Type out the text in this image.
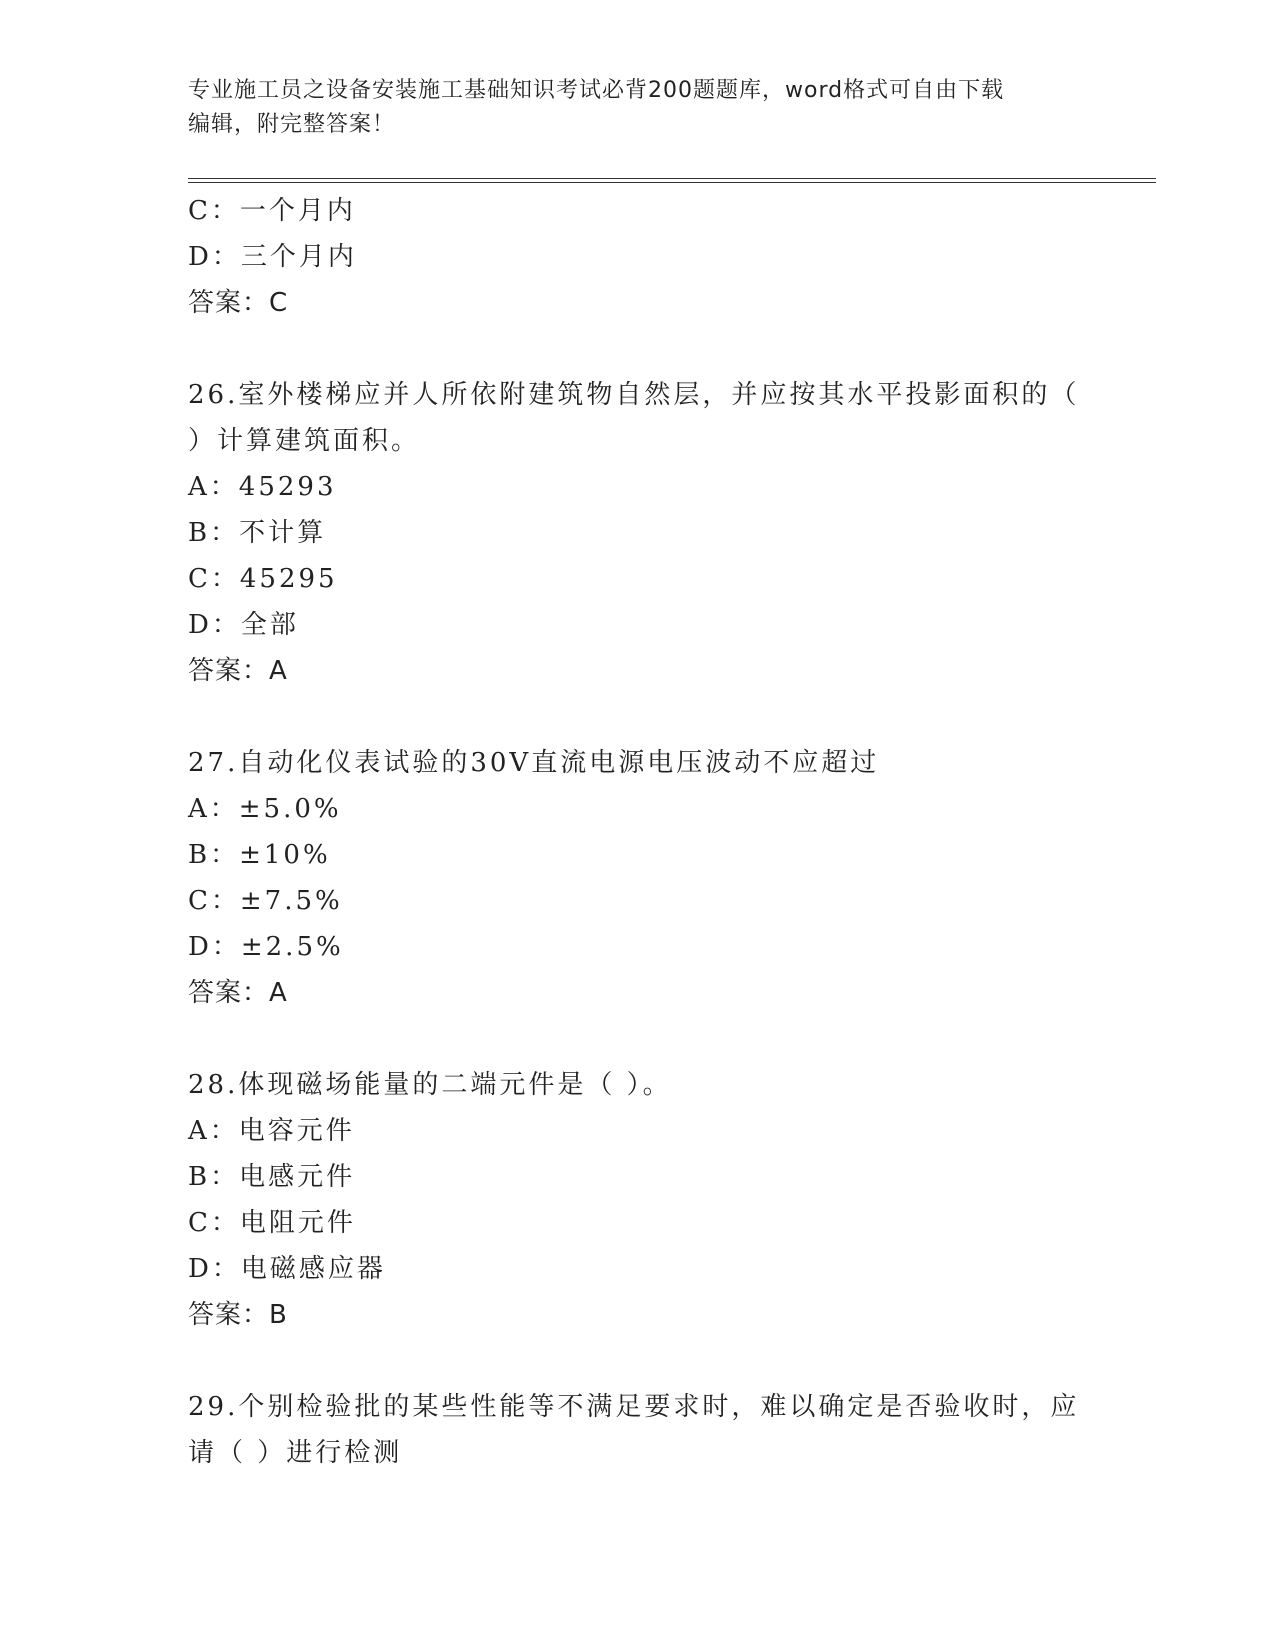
专业施工员之设备安装施工基础知识考试必背200题题库，word格式可自由下载
编辑，附完整答案！
C：一个月内
D：三个月内
答案：C
26.室外楼梯应并人所依附建筑物自然层，并应按其水平投影面积的（
）计算建筑面积。
A：45293
B：不计算
C：45295
D：全部
答案：A
27.自动化仪表试验的30V直流电源电压波动不应超过
A：±5.0%
B：±10%
C：±7.5%
D：±2.5%
答案：A
28.体现磁场能量的二端元件是（ ）。
A：电容元件
B：电感元件
C：电阻元件
D：电磁感应器
答案：B
29.个别检验批的某些性能等不满足要求时，难以确定是否验收时，应
请（ ）进行检测
